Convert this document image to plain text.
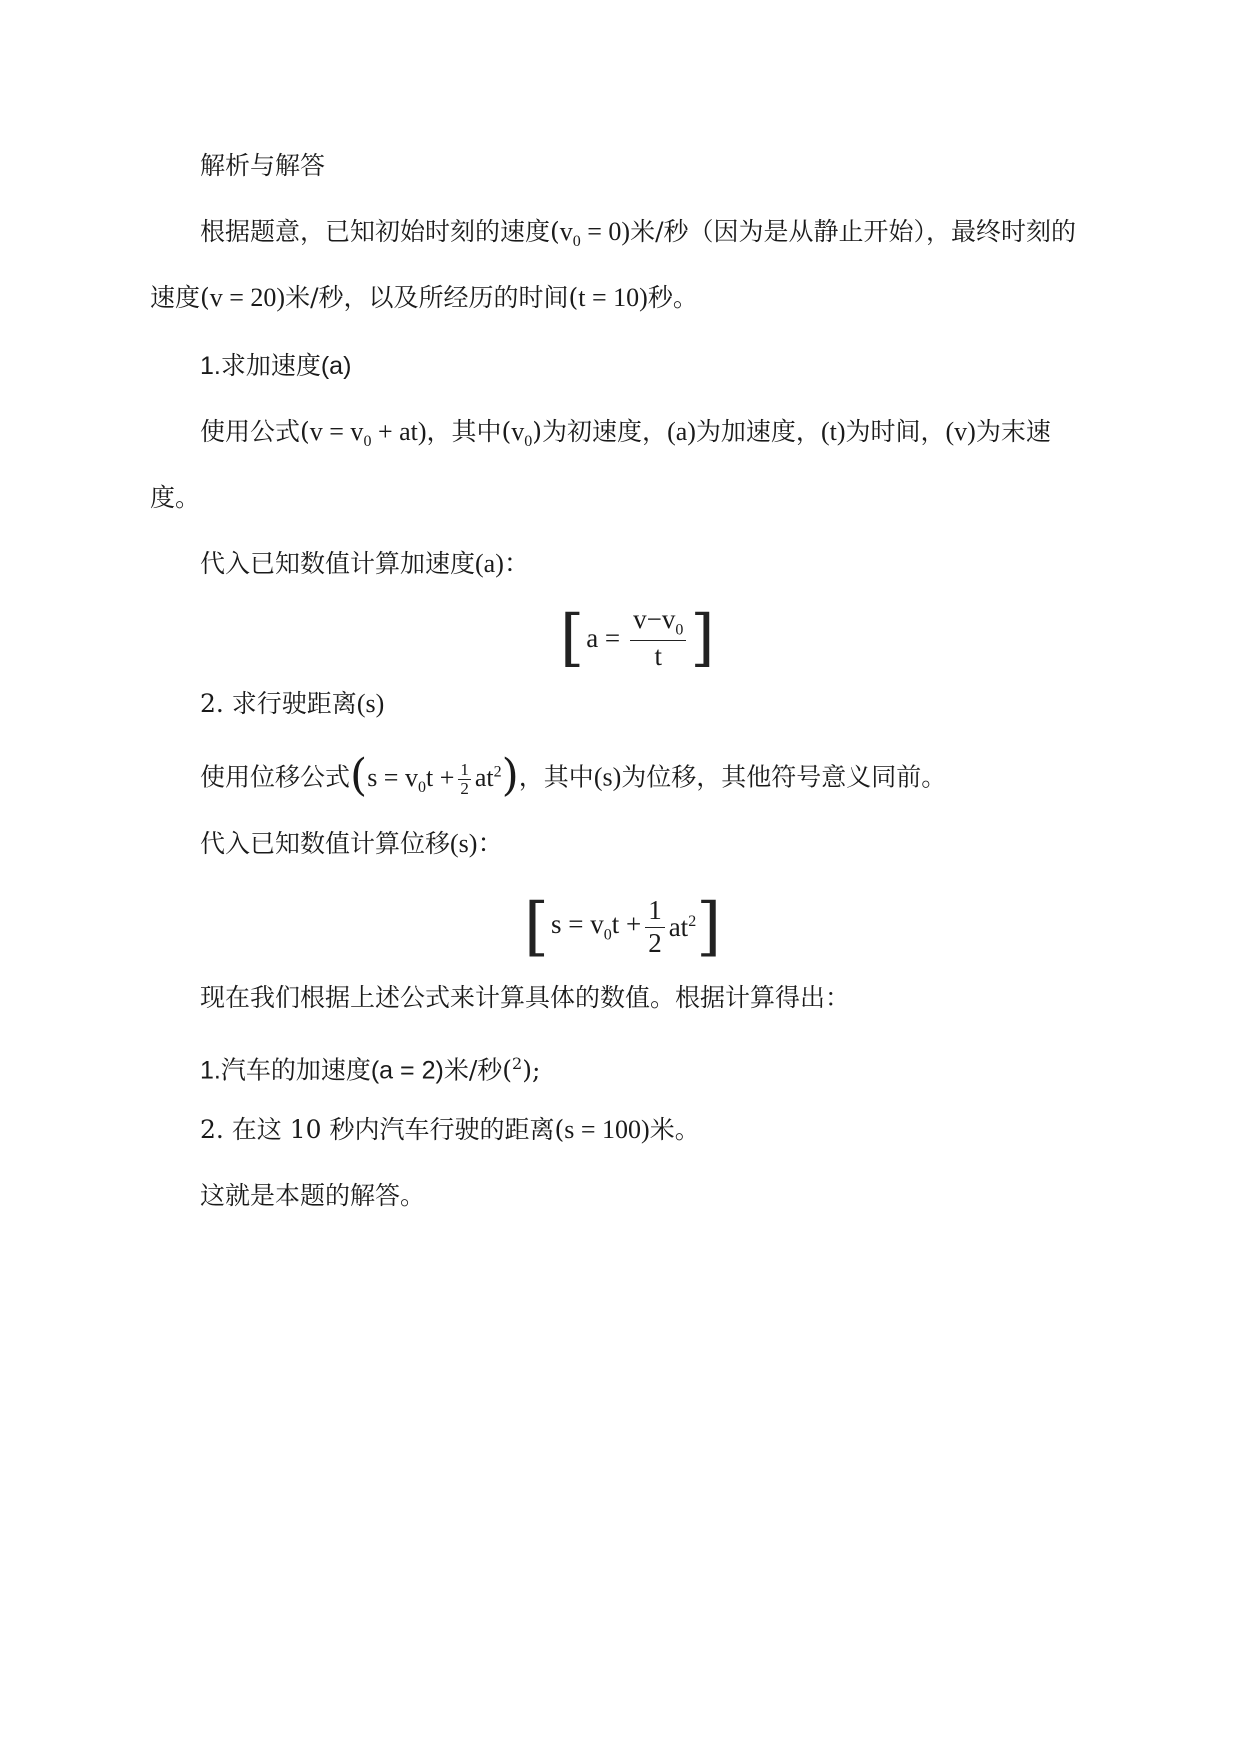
解析与解答
根据题意，已知初始时刻的速度$(v_0 = 0)$米/秒（因为是从静止开始），最终时刻的
速度(v = 20)米/秒，以及所经历的时间(t = 10)秒。
1.求加速度(a)
使用公式$(v = v_0 + at)$，其中$(v_0)$为初速度，(a)为加速度，(t)为时间，(v)为末速
度。
代入已知数值计算加速度(a)：
[ $a = \frac{v-v_0}{t}$ ]
2. 求行驶距离(s)
使用位移公式$(s = v_0t + \frac{1}{2} at^2)$，其中(s)为位移，其他符号意义同前。
代入已知数值计算位移(s)：
[ $s = v_0t + \frac{1}{2} at^2$ ]
现在我们根据上述公式来计算具体的数值。根据计算得出：
1.汽车的加速度(a = 2)米/秒($^2$);
2. 在这 10 秒内汽车行驶的距离(s = 100)米。
这就是本题的解答。
